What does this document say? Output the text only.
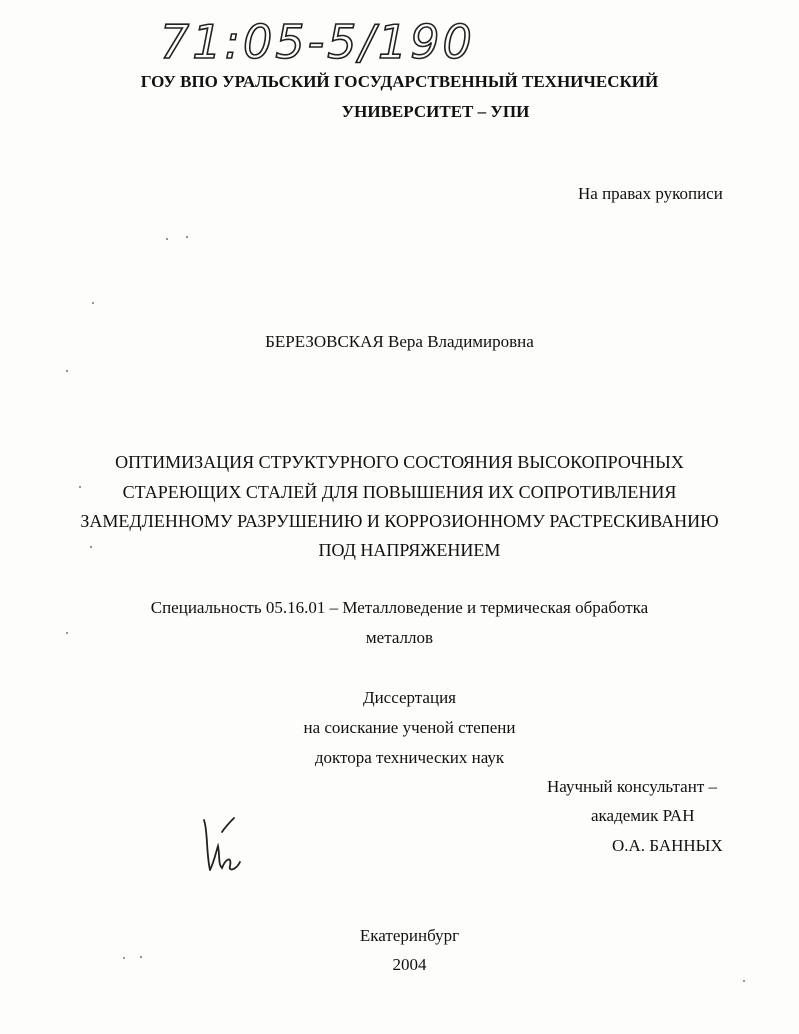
71:05-5/190
ГОУ ВПО УРАЛЬСКИЙ ГОСУДАРСТВЕННЫЙ ТЕХНИЧЕСКИЙ
УНИВЕРСИТЕТ – УПИ
На правах рукописи
БЕРЕЗОВСКАЯ Вера Владимировна
ОПТИМИЗАЦИЯ СТРУКТУРНОГО СОСТОЯНИЯ ВЫСОКОПРОЧНЫХ
СТАРЕЮЩИХ СТАЛЕЙ ДЛЯ ПОВЫШЕНИЯ ИХ СОПРОТИВЛЕНИЯ
ЗАМЕДЛЕННОМУ РАЗРУШЕНИЮ И КОРРОЗИОННОМУ РАСТРЕСКИВАНИЮ
ПОД НАПРЯЖЕНИЕМ
Специальность 05.16.01 – Металловедение и термическая обработка
металлов
Диссертация
на соискание ученой степени
доктора технических наук
Научный консультант –
академик РАН
О.А. БАННЫХ
Екатеринбург
2004
